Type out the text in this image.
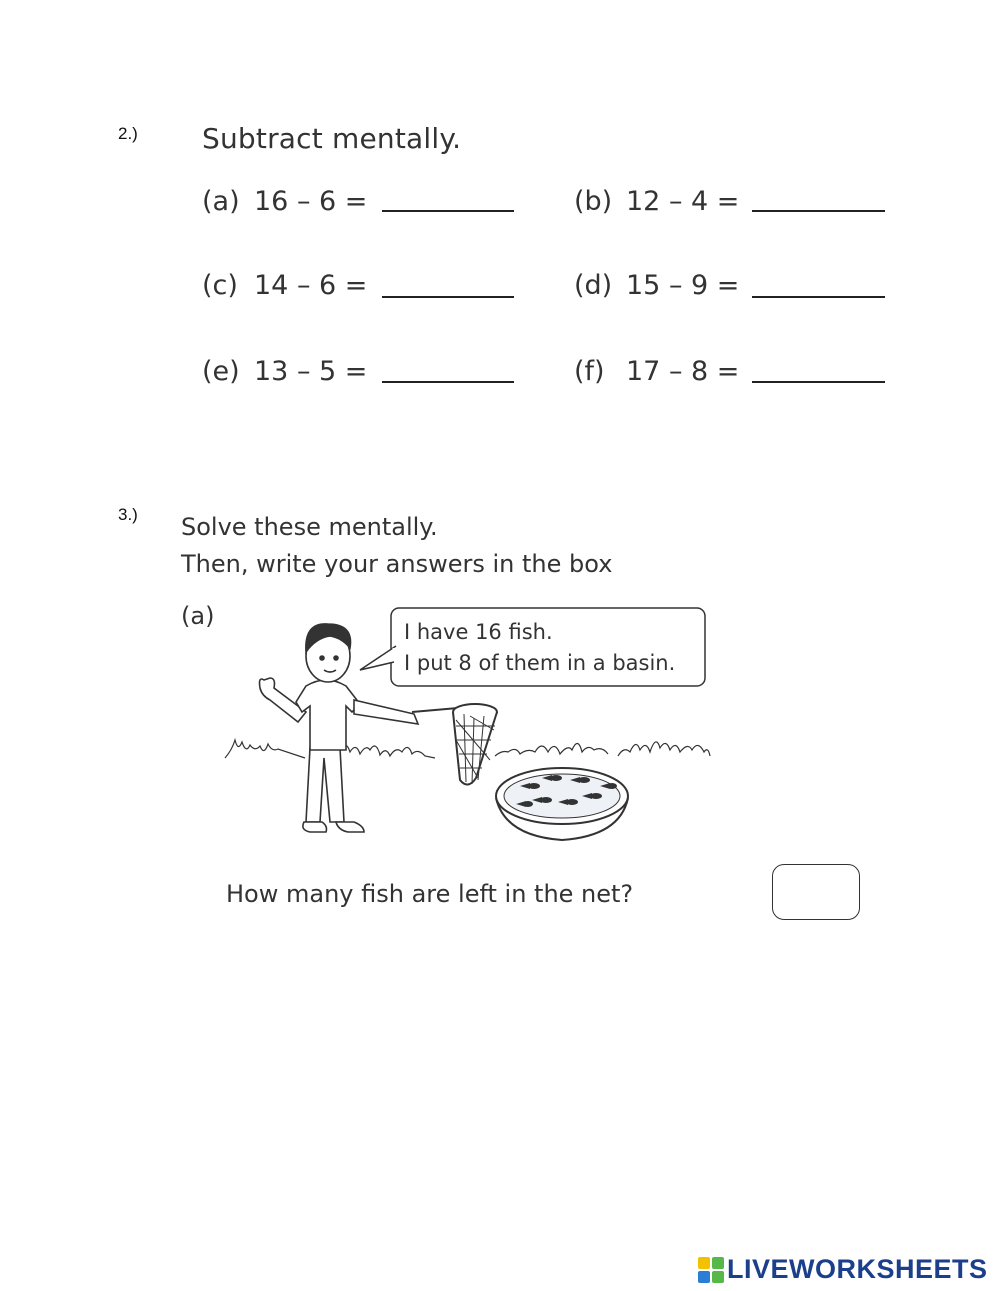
2.) Subtract mentally.
(a) 16 – 6 =	(b) 12 – 4 =
(c) 14 – 6 =	(d) 15 – 9 =
(e) 13 – 5 =	(f) 17 – 8 =
3.) Solve these mentally.
Then, write your answers in the box
(a)
I have 16 fish.
I put 8 of them in a basin.
How many fish are left in the net?
LIVEWORKSHEETS
